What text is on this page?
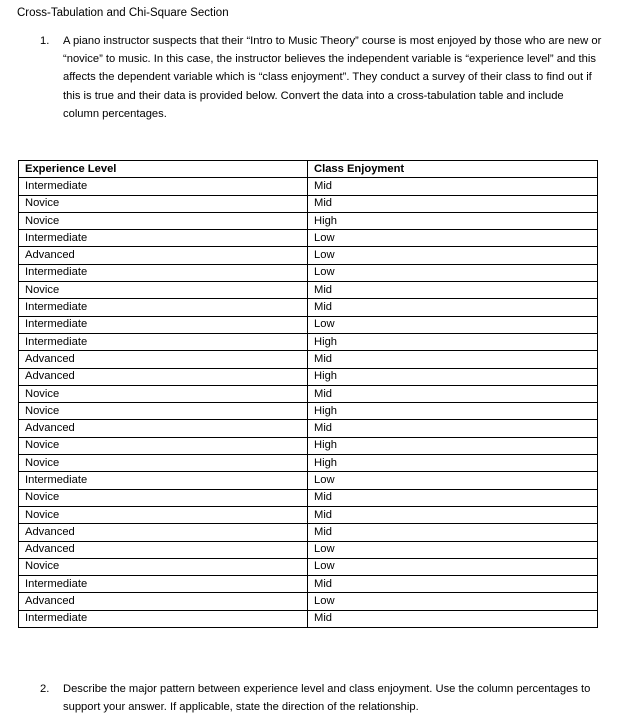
Cross-Tabulation and Chi-Square Section
1. A piano instructor suspects that their “Intro to Music Theory” course is most enjoyed by those who are new or “novice” to music. In this case, the instructor believes the independent variable is “experience level” and this affects the dependent variable which is “class enjoyment”. They conduct a survey of their class to find out if this is true and their data is provided below. Convert the data into a cross-tabulation table and include column percentages.
Experience Level	Class Enjoyment
Intermediate	Mid
Novice	Mid
Novice	High
Intermediate	Low
Advanced	Low
Intermediate	Low
Novice	Mid
Intermediate	Mid
Intermediate	Low
Intermediate	High
Advanced	Mid
Advanced	High
Novice	Mid
Novice	High
Advanced	Mid
Novice	High
Novice	High
Intermediate	Low
Novice	Mid
Novice	Mid
Advanced	Mid
Advanced	Low
Novice	Low
Intermediate	Mid
Advanced	Low
Intermediate	Mid
2. Describe the major pattern between experience level and class enjoyment. Use the column percentages to support your answer. If applicable, state the direction of the relationship.
